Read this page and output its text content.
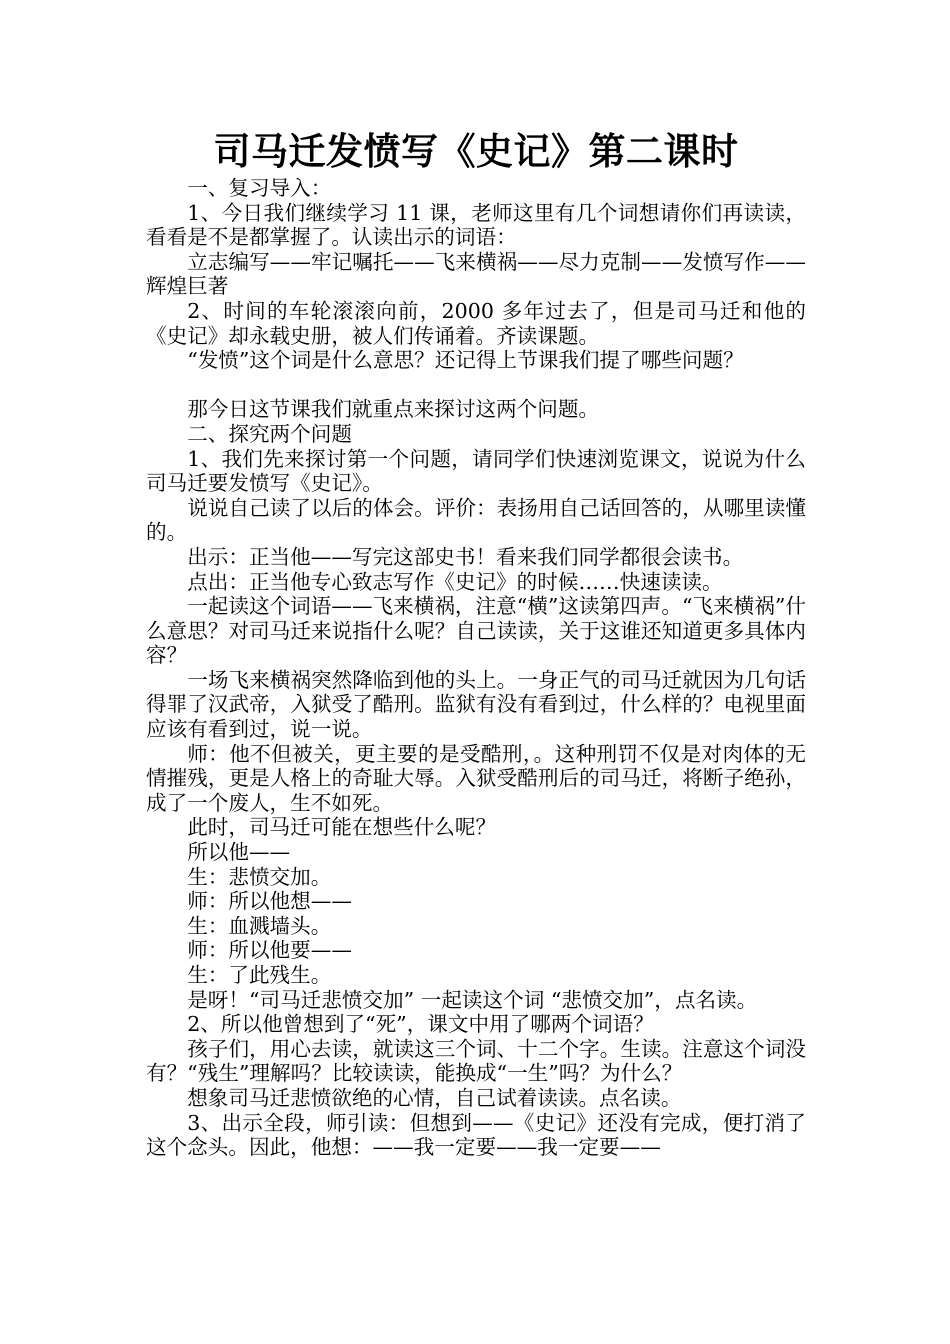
司马迁发愤写《史记》第二课时

一、复习导入：

1、今日我们继续学习 11 课，老师这里有几个词想请你们再读读，看看是不是都掌握了。认读出示的词语：

立志编写——牢记嘱托——飞来横祸——尽力克制——发愤写作——辉煌巨著

2、时间的车轮滚滚向前，2000 多年过去了，但是司马迁和他的《史记》却永载史册，被人们传诵着。齐读课题。

“发愤”这个词是什么意思？还记得上节课我们提了哪些问题？

那今日这节课我们就重点来探讨这两个问题。

二、探究两个问题

1、我们先来探讨第一个问题，请同学们快速浏览课文，说说为什么司马迁要发愤写《史记》。

说说自己读了以后的体会。评价：表扬用自己话回答的，从哪里读懂的。

出示：正当他——写完这部史书！看来我们同学都很会读书。

点出：正当他专心致志写作《史记》的时候……快速读读。

一起读这个词语——飞来横祸，注意“横”这读第四声。“飞来横祸”什么意思？对司马迁来说指什么呢？自己读读，关于这谁还知道更多具体内容？

一场飞来横祸突然降临到他的头上。一身正气的司马迁就因为几句话得罪了汉武帝，入狱受了酷刑。监狱有没有看到过，什么样的？电视里面应该有看到过，说一说。

师：他不但被关，更主要的是受酷刑，。这种刑罚不仅是对肉体的无情摧残，更是人格上的奇耻大辱。入狱受酷刑后的司马迁，将断子绝孙，成了一个废人，生不如死。

此时，司马迁可能在想些什么呢？

所以他——

生：悲愤交加。

师：所以他想——

生：血溅墙头。

师：所以他要——

生：了此残生。

是呀！“司马迁悲愤交加” 一起读这个词 “悲愤交加”，点名读。

2、所以他曾想到了“死”，课文中用了哪两个词语？

孩子们，用心去读，就读这三个词、十二个字。生读。注意这个词没有？“残生”理解吗？比较读读，能换成“一生”吗？为什么？

想象司马迁悲愤欲绝的心情，自己试着读读。点名读。

3、出示全段，师引读：但想到——《史记》还没有完成，便打消了这个念头。因此，他想：——我一定要——我一定要——
